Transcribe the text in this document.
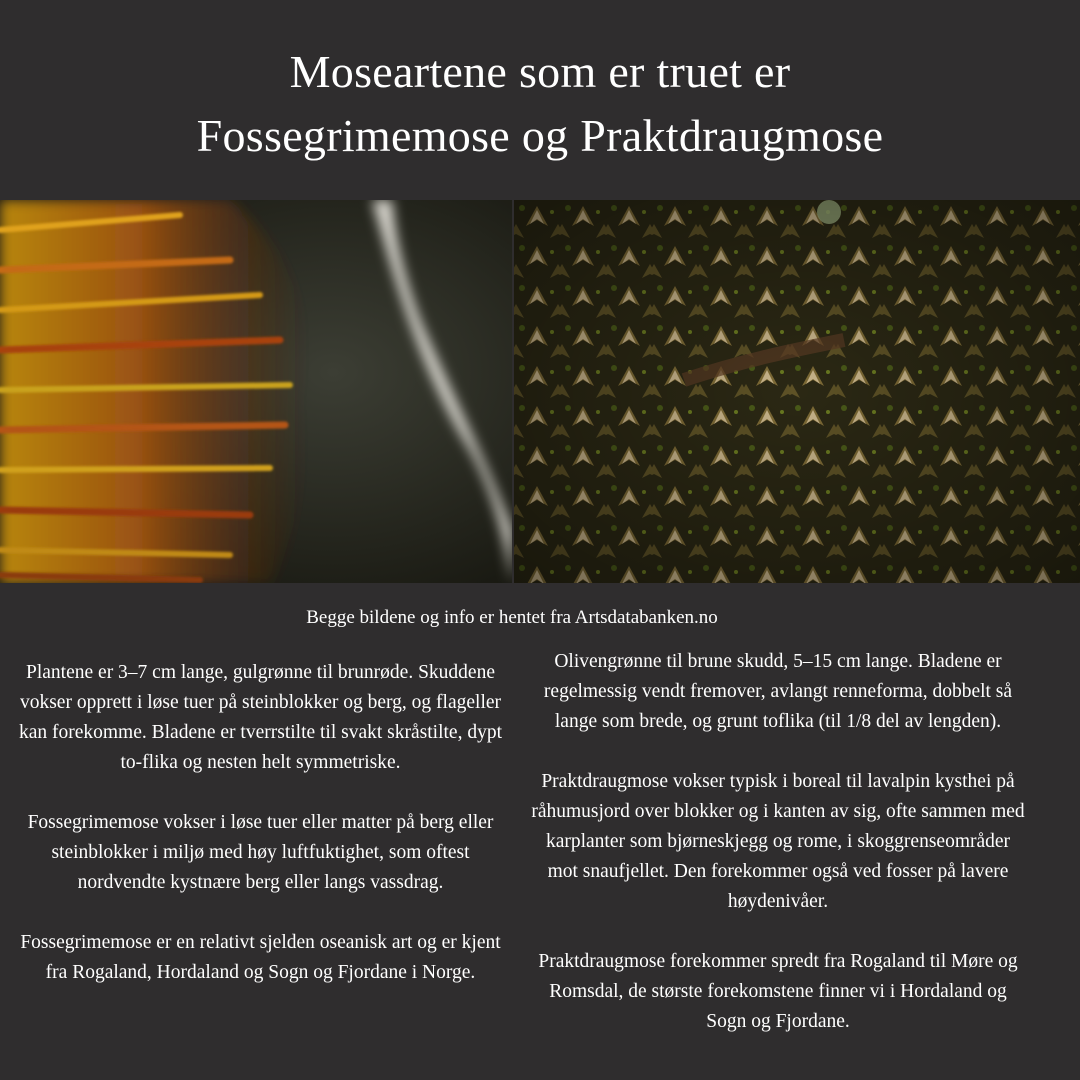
Moseartene som er truet er
Fossegrimemose og Praktdraugmose
Begge bildene og info er hentet fra Artsdatabanken.no

Plantene er 3–7 cm lange, gulgrønne til brunrøde. Skuddene vokser opprett i løse tuer på steinblokker og berg, og flageller kan forekomme. Bladene er tverrstilte til svakt skråstilte, dypt to-flika og nesten helt symmetriske.

Fossegrimemose vokser i løse tuer eller matter på berg eller steinblokker i miljø med høy luftfuktighet, som oftest nordvendte kystnære berg eller langs vassdrag.

Fossegrimemose er en relativt sjelden oseanisk art og er kjent fra Rogaland, Hordaland og Sogn og Fjordane i Norge.

Olivengrønne til brune skudd, 5–15 cm lange. Bladene er regelmessig vendt fremover, avlangt renneforma, dobbelt så lange som brede, og grunt toflika (til 1/8 del av lengden).

Praktdraugmose vokser typisk i boreal til lavalpin kysthei på råhumusjord over blokker og i kanten av sig, ofte sammen med karplanter som bjørneskjegg og rome, i skoggrenseområder mot snaufjellet. Den forekommer også ved fosser på lavere høydenivåer.

Praktdraugmose forekommer spredt fra Rogaland til Møre og Romsdal, de største forekomstene finner vi i Hordaland og Sogn og Fjordane.
